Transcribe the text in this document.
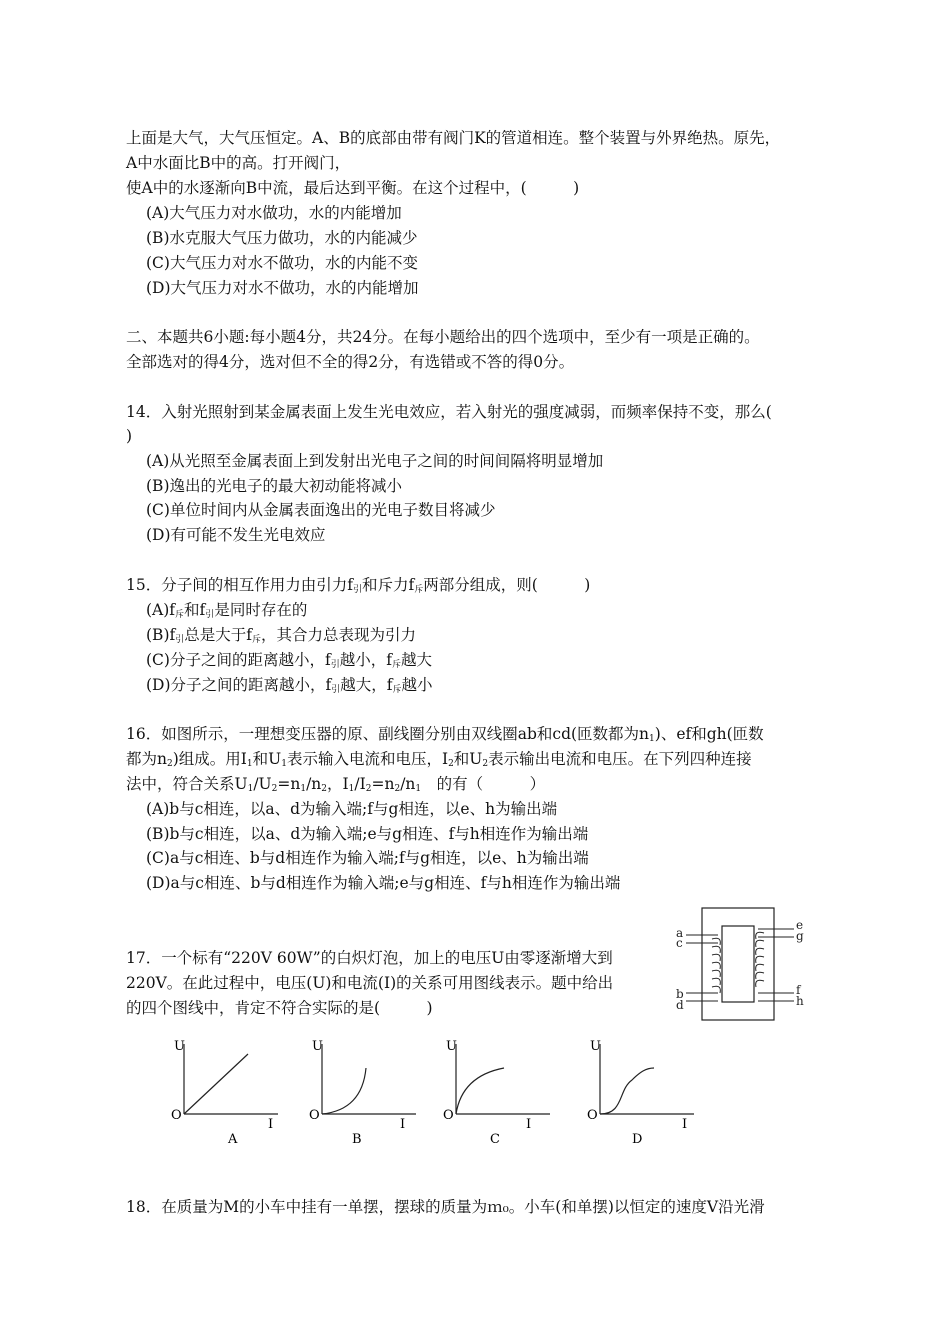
上面是大气，大气压恒定。A、B的底部由带有阀门K的管道相连。整个装置与外界绝热。原先，
A中水面比B中的高。打开阀门，
使A中的水逐渐向B中流，最后达到平衡。在这个过程中，(　　　)
(A)大气压力对水做功，水的内能增加
(B)水克服大气压力做功，水的内能减少
(C)大气压力对水不做功，水的内能不变
(D)大气压力对水不做功，水的内能增加
二、本题共6小题:每小题4分，共24分。在每小题给出的四个选项中，至少有一项是正确的。
全部选对的得4分，选对但不全的得2分，有选错或不答的得0分。
14．入射光照射到某金属表面上发生光电效应，若入射光的强度减弱，而频率保持不变，那么(
)
(A)从光照至金属表面上到发射出光电子之间的时间间隔将明显增加
(B)逸出的光电子的最大初动能将减小
(C)单位时间内从金属表面逸出的光电子数目将减少
(D)有可能不发生光电效应
15．分子间的相互作用力由引力$f_引$和斥力$f_斥$两部分组成，则(　　　)
$(A)f_斥$和$f_引$是同时存在的
$(B)f_引$总是大于$f_斥$，其合力总表现为引力
(C)分子之间的距离越小，$f_引$越小，$f_斥$越大
(D)分子之间的距离越小，$f_引$越大，$f_斥$越小
16．如图所示，一理想变压器的原、副线圈分别由双线圈ab和cd(匝数都为$n_1$)、ef和gh(匝数
都为$n_2$)组成。用$I_1$和$U_1$表示输入电流和电压，$I_2$和$U_2$表示输出电流和电压。在下列四种连接
法中，符合关系$U_1/U_2=n_1/n_2$，$I_1/I_2=n_2/n_1$　的有（　　　）
(A)b与c相连，以a、d为输入端;f与g相连，以e、h为输出端
(B)b与c相连，以a、d为输入端;e与g相连、f与h相连作为输出端
(C)a与c相连、b与d相连作为输入端;f与g相连，以e、h为输出端
(D)a与c相连、b与d相连作为输入端;e与g相连、f与h相连作为输出端
17．一个标有“220V 60W”的白炽灯泡，加上的电压U由零逐渐增大到
220V。在此过程中，电压(U)和电流(I)的关系可用图线表示。题中给出
的四个图线中，肯定不符合实际的是(　　　)
a
c
b
d
e
g
f
h
U
I
O
A
U
I
O
B
U
I
O
C
U
I
O
D
18．在质量为M的小车中挂有一单摆，摆球的质量为ｍ₀。小车(和单摆)以恒定的速度V沿光滑
